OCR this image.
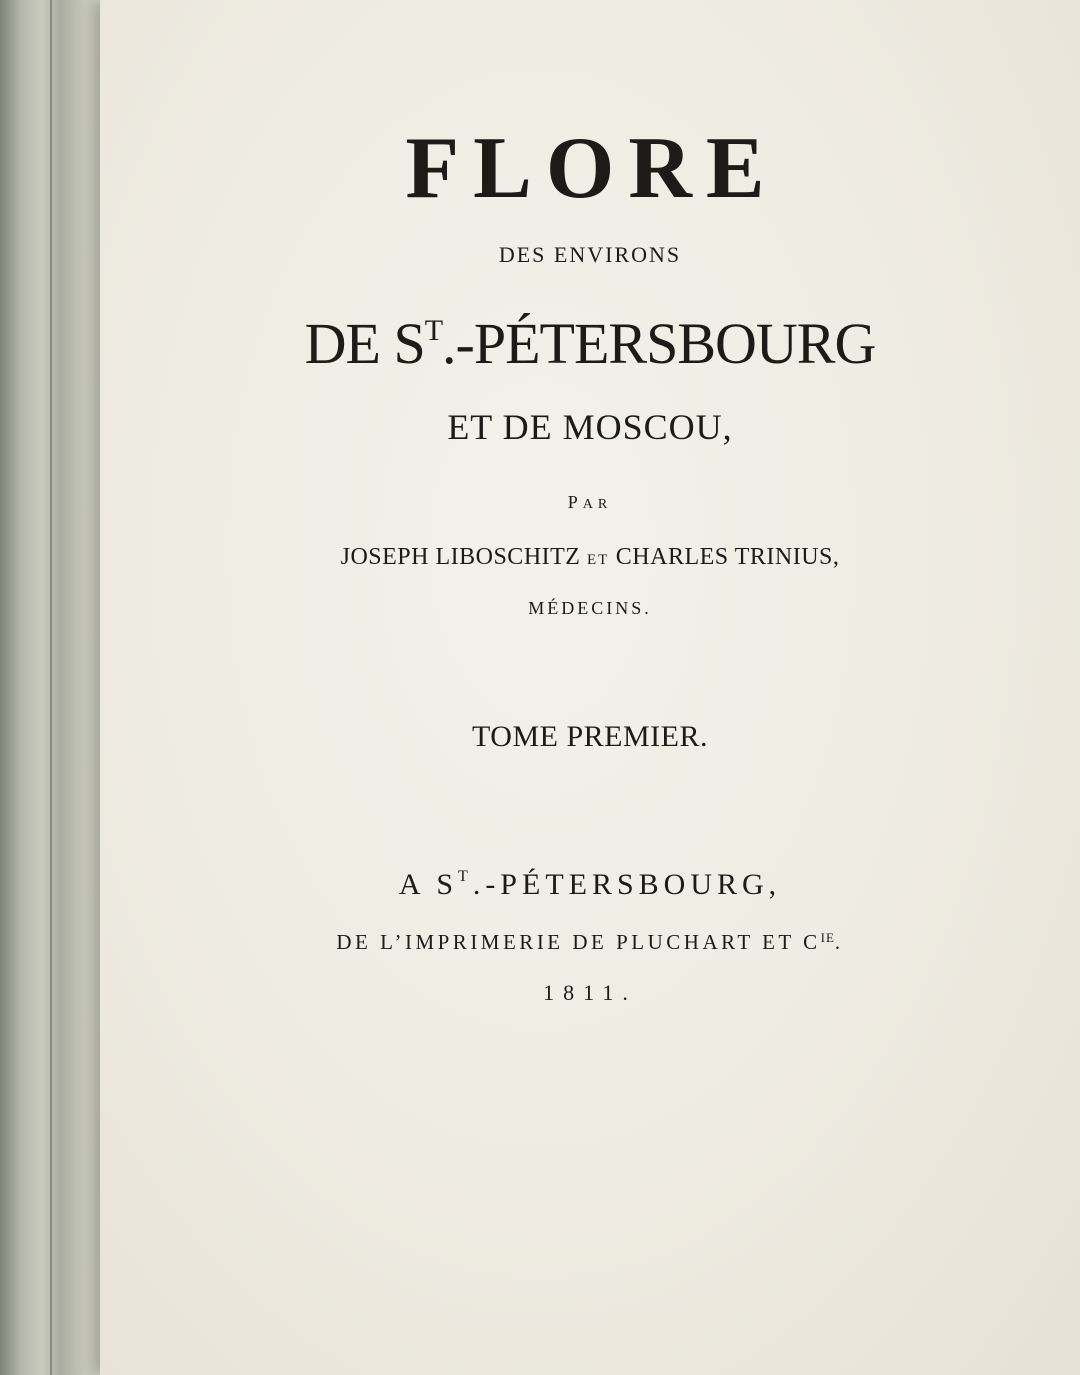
FLORE
DES ENVIRONS
DE $S^T$.-PÉTERSBOURG
ET DE MOSCOU,
PAR
JOSEPH LIBOSCHITZ ET CHARLES TRINIUS,
MÉDECINS.
TOME PREMIER.
A $S^T$.-PÉTERSBOURG,
DE L’IMPRIMERIE DE PLUCHART ET $C^{IE}$.
1811.
